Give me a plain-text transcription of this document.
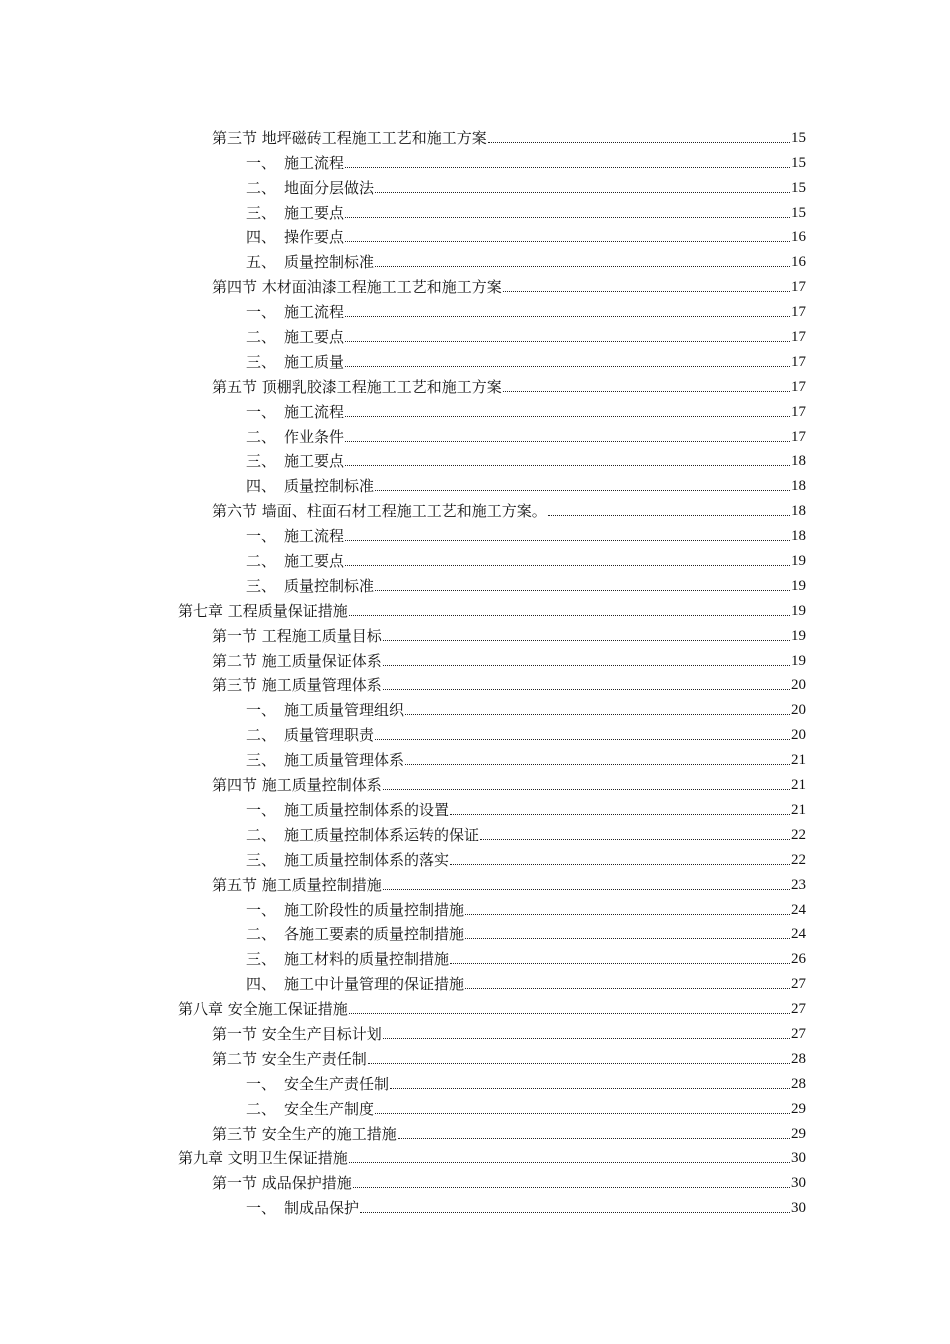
第三节 地坪磁砖工程施工工艺和施工方案	15
一、 施工流程	15
二、 地面分层做法	15
三、 施工要点	15
四、 操作要点	16
五、 质量控制标准	16
第四节 木材面油漆工程施工工艺和施工方案	17
一、 施工流程	17
二、 施工要点	17
三、 施工质量	17
第五节 顶棚乳胶漆工程施工工艺和施工方案	17
一、 施工流程	17
二、 作业条件	17
三、 施工要点	18
四、 质量控制标准	18
第六节 墙面、柱面石材工程施工工艺和施工方案。	18
一、 施工流程	18
二、 施工要点	19
三、 质量控制标准	19
第七章 工程质量保证措施	19
第一节 工程施工质量目标	19
第二节 施工质量保证体系	19
第三节 施工质量管理体系	20
一、 施工质量管理组织	20
二、 质量管理职责	20
三、 施工质量管理体系	21
第四节 施工质量控制体系	21
一、 施工质量控制体系的设置	21
二、 施工质量控制体系运转的保证	22
三、 施工质量控制体系的落实	22
第五节 施工质量控制措施	23
一、 施工阶段性的质量控制措施	24
二、 各施工要素的质量控制措施	24
三、 施工材料的质量控制措施	26
四、 施工中计量管理的保证措施	27
第八章 安全施工保证措施	27
第一节 安全生产目标计划	27
第二节 安全生产责任制	28
一、 安全生产责任制	28
二、 安全生产制度	29
第三节 安全生产的施工措施	29
第九章 文明卫生保证措施	30
第一节 成品保护措施	30
一、 制成品保护	30
